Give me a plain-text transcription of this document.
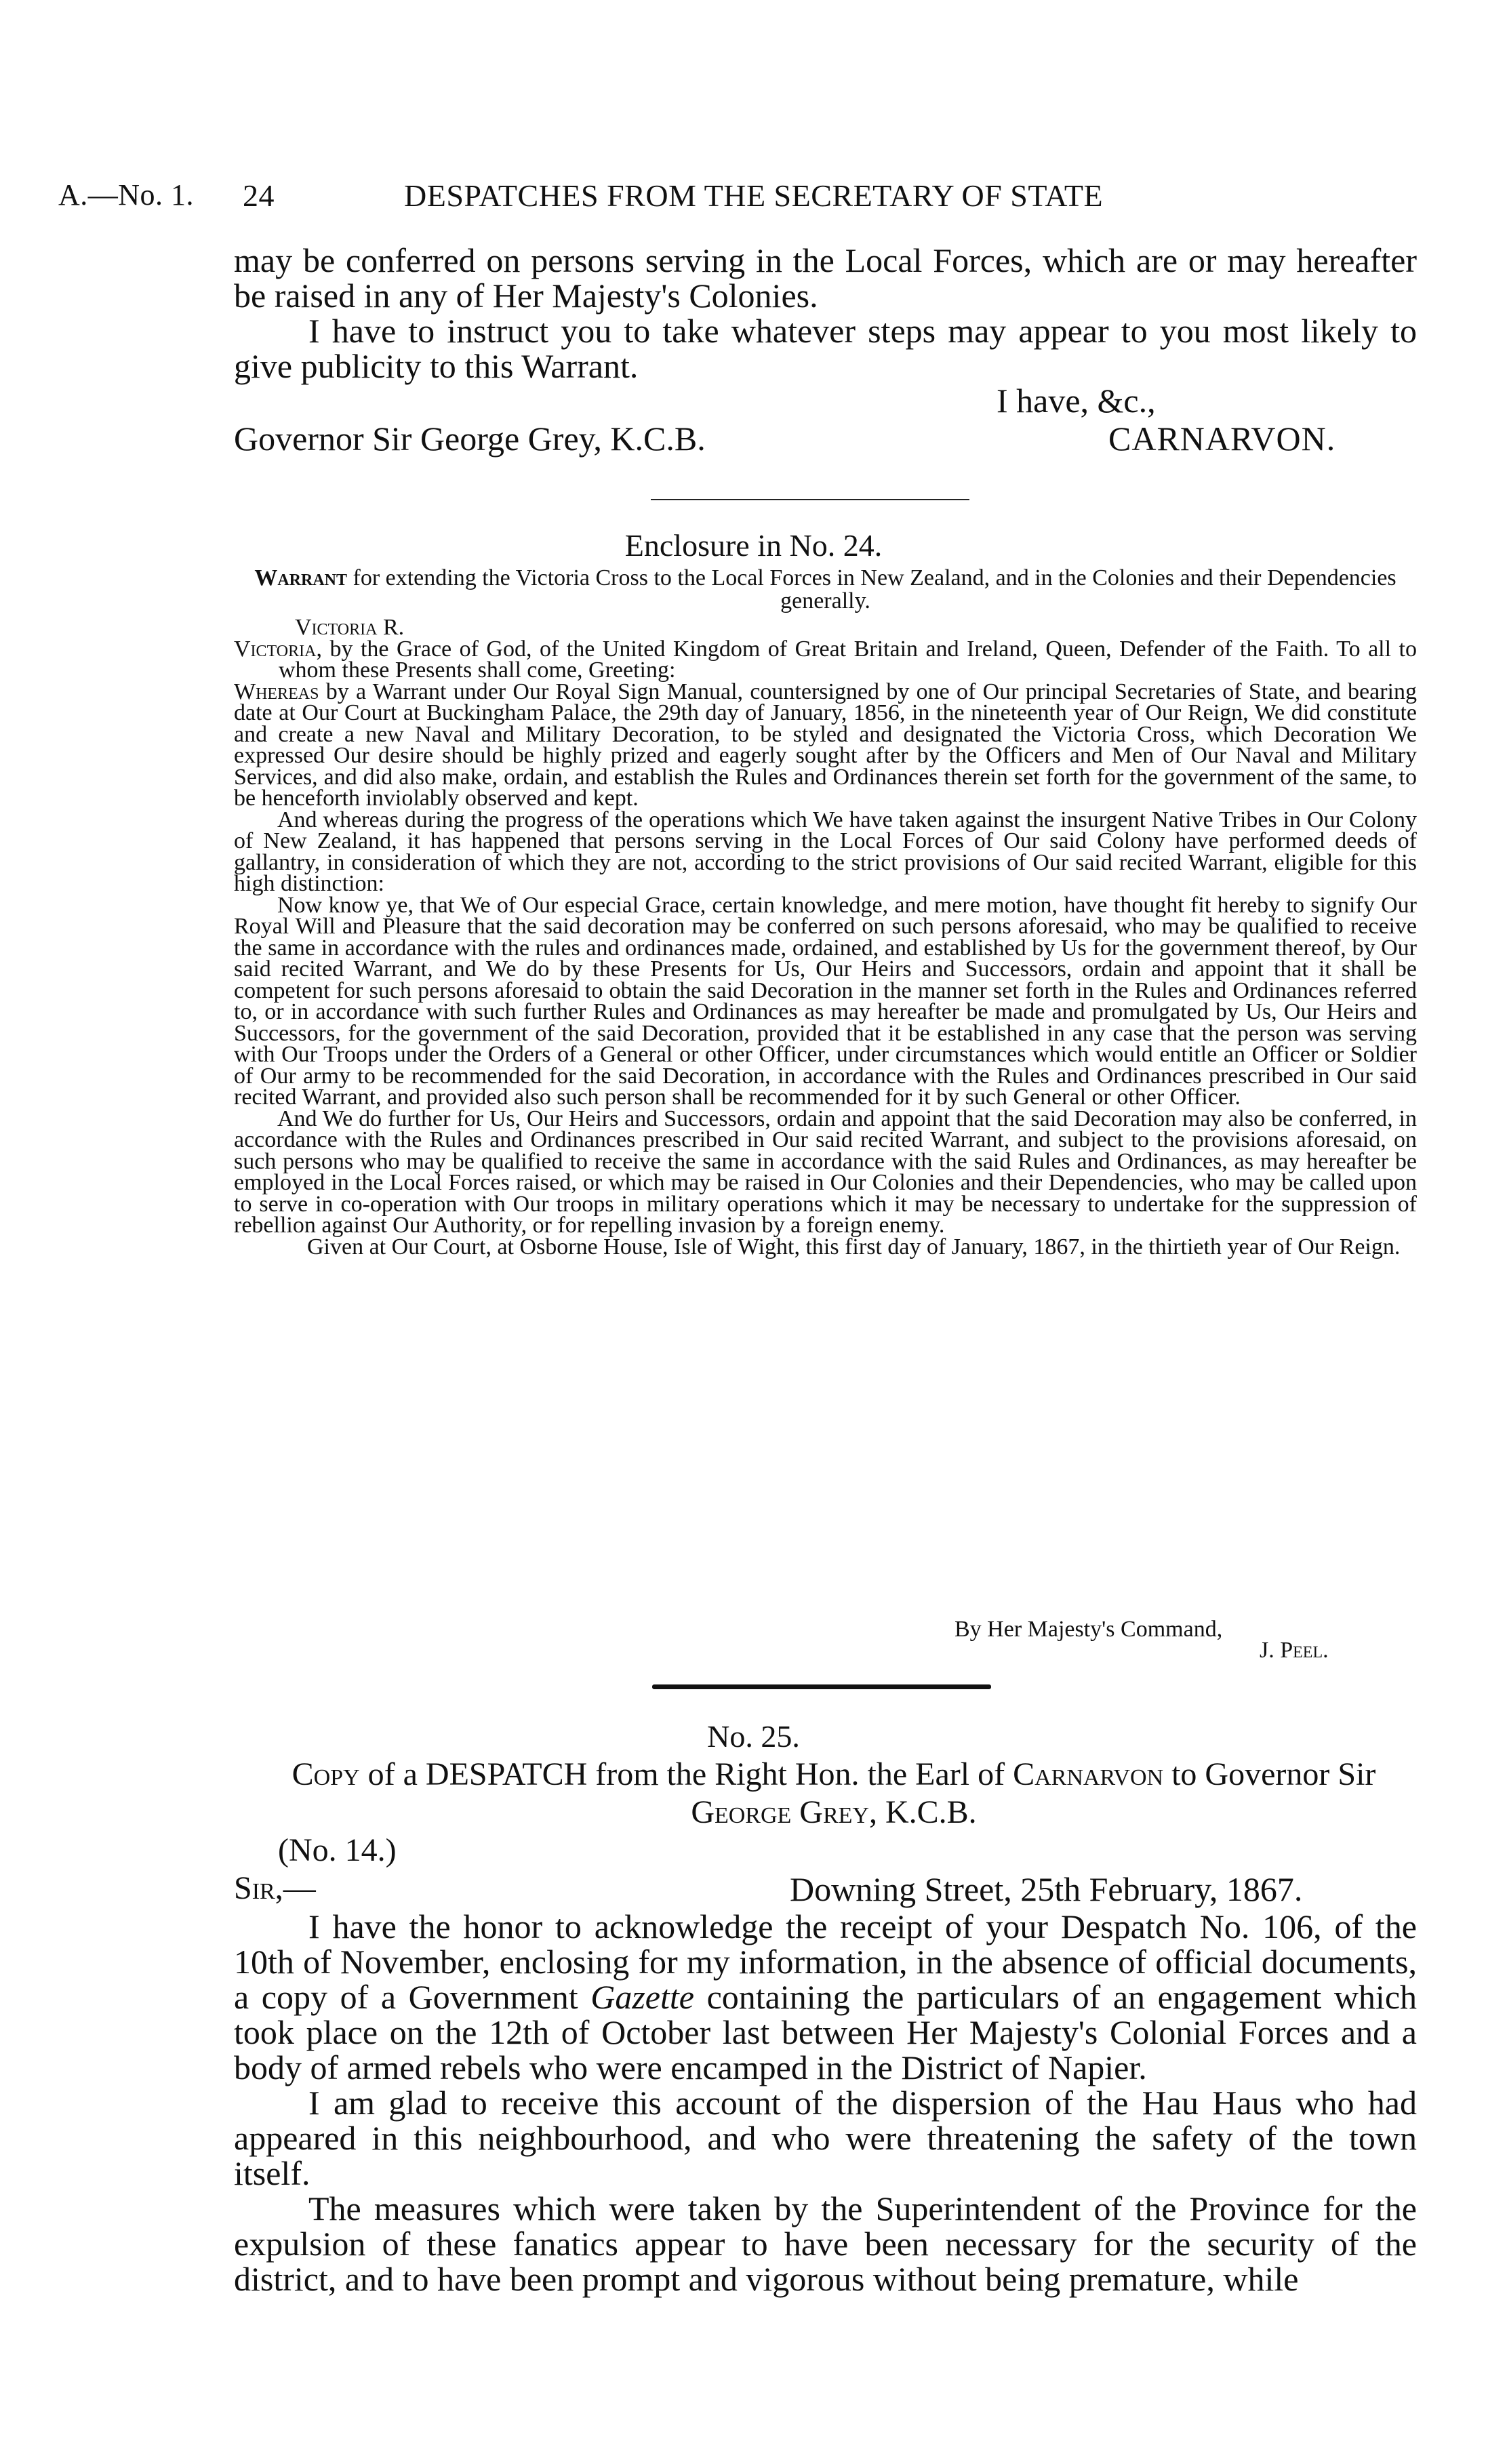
A.—No. 1. 24	DESPATCHES FROM THE SECRETARY OF STATE

may be conferred on persons serving in the Local Forces, which are or may hereafter be raised in any of Her Majesty's Colonies.

I have to instruct you to take whatever steps may appear to you most likely to give publicity to this Warrant.

I have, &c.,
Governor Sir George Grey, K.C.B.	CARNARVON.
Enclosure in No. 24.

Warrant for extending the Victoria Cross to the Local Forces in New Zealand, and in the Colonies and their Dependencies generally.

Victoria R.

Victoria, by the Grace of God, of the United Kingdom of Great Britain and Ireland, Queen, Defender of the Faith. To all to whom these Presents shall come, Greeting:

Whereas by a Warrant under Our Royal Sign Manual, countersigned by one of Our principal Secretaries of State, and bearing date at Our Court at Buckingham Palace, the 29th day of January, 1856, in the nineteenth year of Our Reign, We did constitute and create a new Naval and Military Decoration, to be styled and designated the Victoria Cross, which Decoration We expressed Our desire should be highly prized and eagerly sought after by the Officers and Men of Our Naval and Military Services, and did also make, ordain, and establish the Rules and Ordinances therein set forth for the government of the same, to be henceforth inviolably observed and kept.

And whereas during the progress of the operations which We have taken against the insurgent Native Tribes in Our Colony of New Zealand, it has happened that persons serving in the Local Forces of Our said Colony have performed deeds of gallantry, in consideration of which they are not, according to the strict provisions of Our said recited Warrant, eligible for this high distinction:

Now know ye, that We of Our especial Grace, certain knowledge, and mere motion, have thought fit hereby to signify Our Royal Will and Pleasure that the said decoration may be conferred on such persons aforesaid, who may be qualified to receive the same in accordance with the rules and ordinances made, ordained, and established by Us for the government thereof, by Our said recited Warrant, and We do by these Presents for Us, Our Heirs and Successors, ordain and appoint that it shall be competent for such persons aforesaid to obtain the said Decoration in the manner set forth in the Rules and Ordinances referred to, or in accordance with such further Rules and Ordinances as may hereafter be made and promulgated by Us, Our Heirs and Successors, for the government of the said Decoration, provided that it be established in any case that the person was serving with Our Troops under the Orders of a General or other Officer, under circumstances which would entitle an Officer or Soldier of Our army to be recommended for the said Decoration, in accordance with the Rules and Ordinances prescribed in Our said recited Warrant, and provided also such person shall be recommended for it by such General or other Officer.

And We do further for Us, Our Heirs and Successors, ordain and appoint that the said Decoration may also be conferred, in accordance with the Rules and Ordinances prescribed in Our said recited Warrant, and subject to the provisions aforesaid, on such persons who may be qualified to receive the same in accordance with the said Rules and Ordinances, as may hereafter be employed in the Local Forces raised, or which may be raised in Our Colonies and their Dependencies, who may be called upon to serve in co-operation with Our troops in military operations which it may be necessary to undertake for the suppression of rebellion against Our Authority, or for repelling invasion by a foreign enemy.

Given at Our Court, at Osborne House, Isle of Wight, this first day of January, 1867, in the thirtieth year of Our Reign.

By Her Majesty's Command,
J. Peel.
No. 25.
Copy of a DESPATCH from the Right Hon. the Earl of Carnarvon to Governor Sir George Grey, K.C.B.
(No. 14.)
Sir,—	Downing Street, 25th February, 1867.

I have the honor to acknowledge the receipt of your Despatch No. 106, of the 10th of November, enclosing for my information, in the absence of official documents, a copy of a Government Gazette containing the particulars of an engagement which took place on the 12th of October last between Her Majesty's Colonial Forces and a body of armed rebels who were encamped in the District of Napier.

I am glad to receive this account of the dispersion of the Hau Haus who had appeared in this neighbourhood, and who were threatening the safety of the town itself.

The measures which were taken by the Superintendent of the Province for the expulsion of these fanatics appear to have been necessary for the security of the district, and to have been prompt and vigorous without being premature, while
